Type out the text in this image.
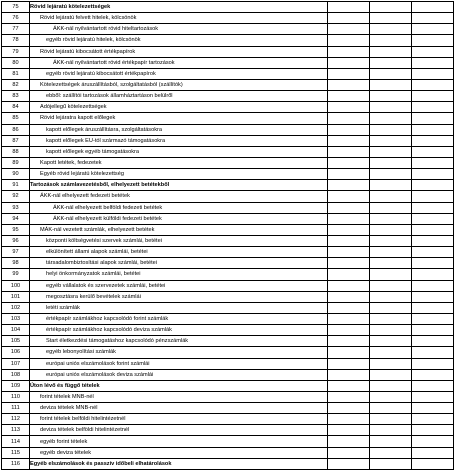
75	Rövid lejáratú kötelezettségek			
76	Rövid lejáratú felvett hitelek, kölcsönök			
77	ÁKK-nál nyilvántartott rövid hiteltartozások			
78	egyéb rövid lejáratú hitelek, kölcsönök			
79	Rövid lejáratú kibocsátott értékpapírok			
80	ÁKK-nál nyilvántartott rövid értékpapír tartozások			
81	egyéb rövid lejáratú kibocsátott értékpapírok			
82	Kötelezettségek áruszállításból, szolgáltatásból (szállítók)			
83	ebből: szállítói tartozások államháztartáson belülről			
84	Adójellegű kötelezettségek			
85	Rövid lejáratra kapott előlegek			
86	kapott előlegek áruszállításra, szolgáltatásokra			
87	kapott előlegek EU-tól származó támogatásokra			
88	kapott előlegek egyéb támogatásokra			
89	Kapott letétek, fedezetek			
90	Egyéb rövid lejáratú kötelezettség			
91	Tartozások számlavezetésből, elhelyezett betétekből			
92	ÁKK-nál elhelyezett fedezeti betétek			
93	ÁKK-nál elhelyezett belföldi fedezeti betétek			
94	ÁKK-nál elhelyezett külföldi fedezeti betétek			
95	MÁK-nál vezetett számlák, elhelyezett betétek			
96	központi költségvetési szervek számlái, betétei			
97	elkülönített állami alapok számlái, betétei			
98	társadalombiztosítási alapok számlái, betétei			
99	helyi önkormányzatok számlái, betétei			
100	egyéb vállalatok és szervezetek számlái, betétei			
101	megosztásra kerülő bevételek számlái			
102	letéti számlák			
103	értékpapír számlákhoz kapcsolódó forint számlák			
104	értékpapír számlákhoz kapcsolódó deviza számlák			
105	Start életkezdési támogatáshoz kapcsolódó pénzszámlák			
106	egyéb lebonyolítási számlák			
107	európai uniós elszámolások forint számlái			
108	európai uniós elszámolások deviza számlái			
109	Úton lévő és függő tételek			
110	forint tételek MNB-nél			
111	deviza tételek MNB-nél			
112	forint tételek belföldi hitelintézetnél			
113	deviza tételek belföldi hitelintézetnél			
114	egyéb forint tételek			
115	egyéb deviza tételek			
116	Egyéb elszámolások és passzív időbeli elhatárolások			
